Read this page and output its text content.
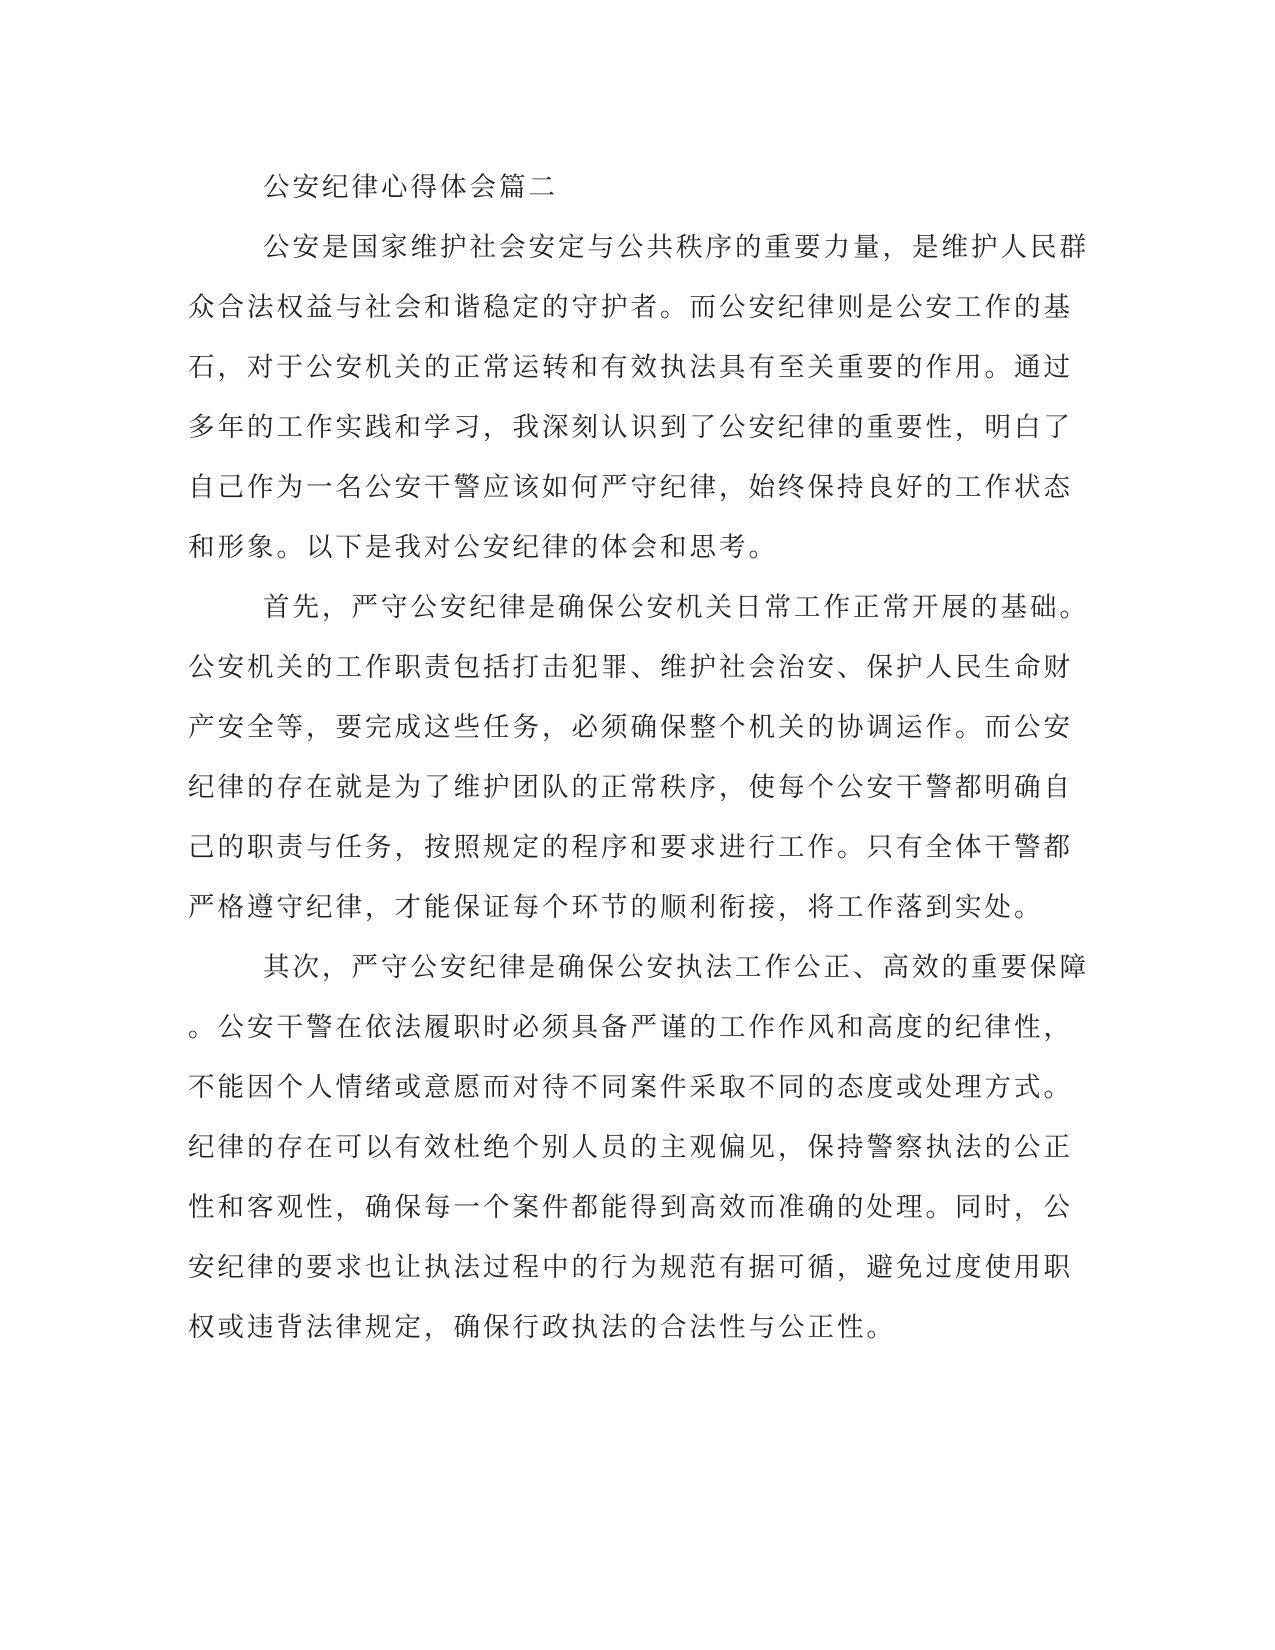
公安纪律心得体会篇二

公安是国家维护社会安定与公共秩序的重要力量，是维护人民群
众合法权益与社会和谐稳定的守护者。而公安纪律则是公安工作的基
石，对于公安机关的正常运转和有效执法具有至关重要的作用。通过
多年的工作实践和学习，我深刻认识到了公安纪律的重要性，明白了
自己作为一名公安干警应该如何严守纪律，始终保持良好的工作状态
和形象。以下是我对公安纪律的体会和思考。

首先，严守公安纪律是确保公安机关日常工作正常开展的基础。
公安机关的工作职责包括打击犯罪、维护社会治安、保护人民生命财
产安全等，要完成这些任务，必须确保整个机关的协调运作。而公安
纪律的存在就是为了维护团队的正常秩序，使每个公安干警都明确自
己的职责与任务，按照规定的程序和要求进行工作。只有全体干警都
严格遵守纪律，才能保证每个环节的顺利衔接，将工作落到实处。

其次，严守公安纪律是确保公安执法工作公正、高效的重要保障
。公安干警在依法履职时必须具备严谨的工作作风和高度的纪律性，
不能因个人情绪或意愿而对待不同案件采取不同的态度或处理方式。
纪律的存在可以有效杜绝个别人员的主观偏见，保持警察执法的公正
性和客观性，确保每一个案件都能得到高效而准确的处理。同时，公
安纪律的要求也让执法过程中的行为规范有据可循，避免过度使用职
权或违背法律规定，确保行政执法的合法性与公正性。
